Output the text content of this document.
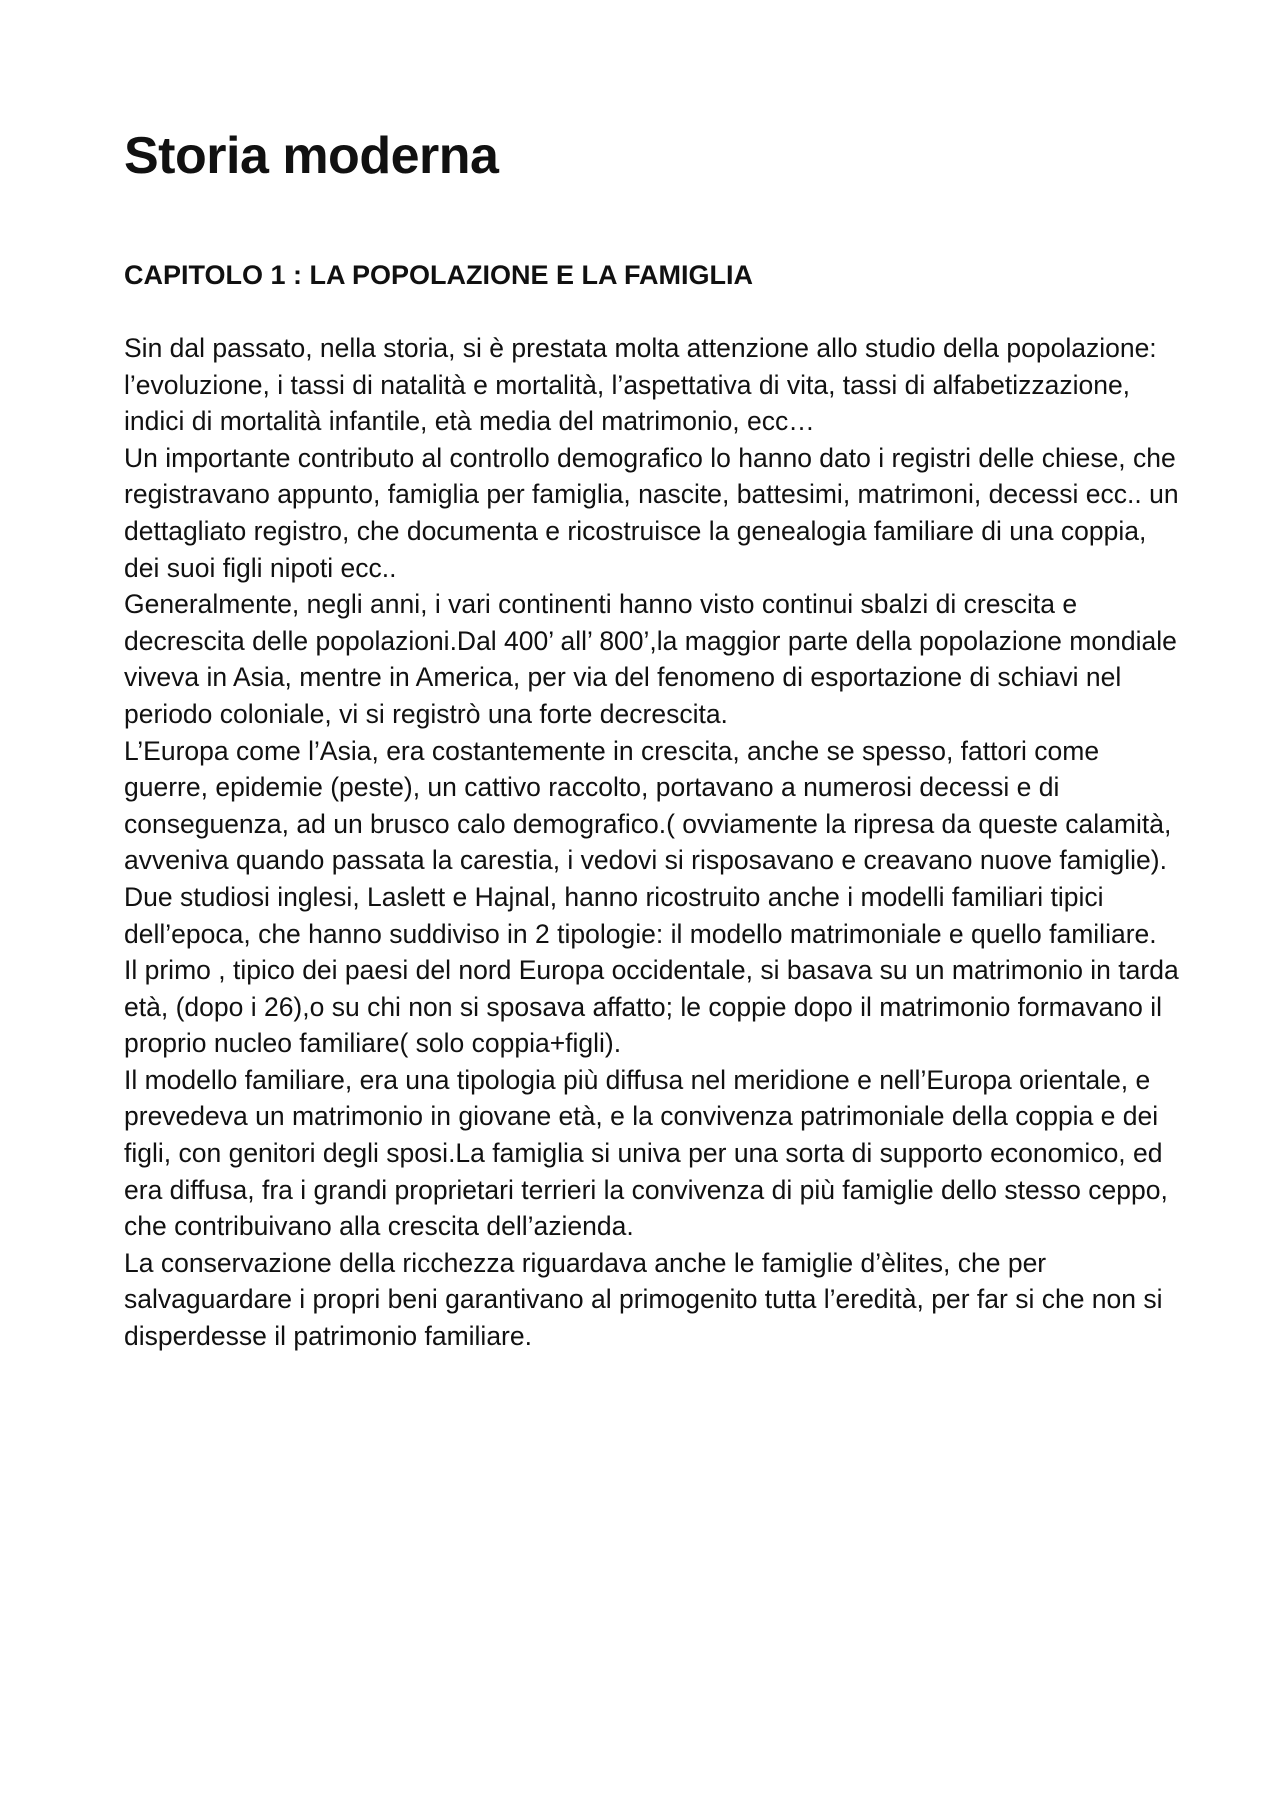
Storia moderna
CAPITOLO 1 : LA POPOLAZIONE E LA FAMIGLIA

Sin dal passato, nella storia, si è prestata molta attenzione allo studio della popolazione: l’evoluzione, i tassi di natalità e mortalità, l’aspettativa di vita, tassi di alfabetizzazione, indici di mortalità infantile, età media del matrimonio, ecc…

Un importante contributo al controllo demografico lo hanno dato i registri delle chiese, che registravano appunto, famiglia per famiglia, nascite, battesimi, matrimoni, decessi ecc.. un dettagliato registro, che documenta e ricostruisce la genealogia familiare di una coppia, dei suoi figli nipoti ecc..

Generalmente, negli anni, i vari continenti hanno visto continui sbalzi di crescita e decrescita delle popolazioni.Dal 400’ all’ 800’,la maggior parte della popolazione mondiale viveva in Asia, mentre in America, per via del fenomeno di esportazione di schiavi nel periodo coloniale, vi si registrò una forte decrescita.

L’Europa come l’Asia, era costantemente in crescita, anche se spesso, fattori come guerre, epidemie (peste), un cattivo raccolto, portavano a numerosi decessi e di conseguenza, ad un brusco calo demografico.( ovviamente la ripresa da queste calamità, avveniva quando passata la carestia, i vedovi si risposavano e creavano nuove famiglie).

Due studiosi inglesi, Laslett e Hajnal, hanno ricostruito anche i modelli familiari tipici dell’epoca, che hanno suddiviso in 2 tipologie: il modello matrimoniale e quello familiare.

Il primo , tipico dei paesi del nord Europa occidentale, si basava su un matrimonio in tarda età, (dopo i 26),o su chi non si sposava affatto; le coppie dopo il matrimonio formavano il proprio nucleo familiare( solo coppia+figli).

Il modello familiare, era una tipologia più diffusa nel meridione e nell’Europa orientale, e prevedeva un matrimonio in giovane età, e la convivenza patrimoniale della coppia e dei figli, con genitori degli sposi.La famiglia si univa per una sorta di supporto economico, ed era diffusa, fra i grandi proprietari terrieri la convivenza di più famiglie dello stesso ceppo, che contribuivano alla crescita dell’azienda.

La conservazione della ricchezza riguardava anche le famiglie d’èlites, che per salvaguardare i propri beni garantivano al primogenito tutta l’eredità, per far si che non si disperdesse il patrimonio familiare.
